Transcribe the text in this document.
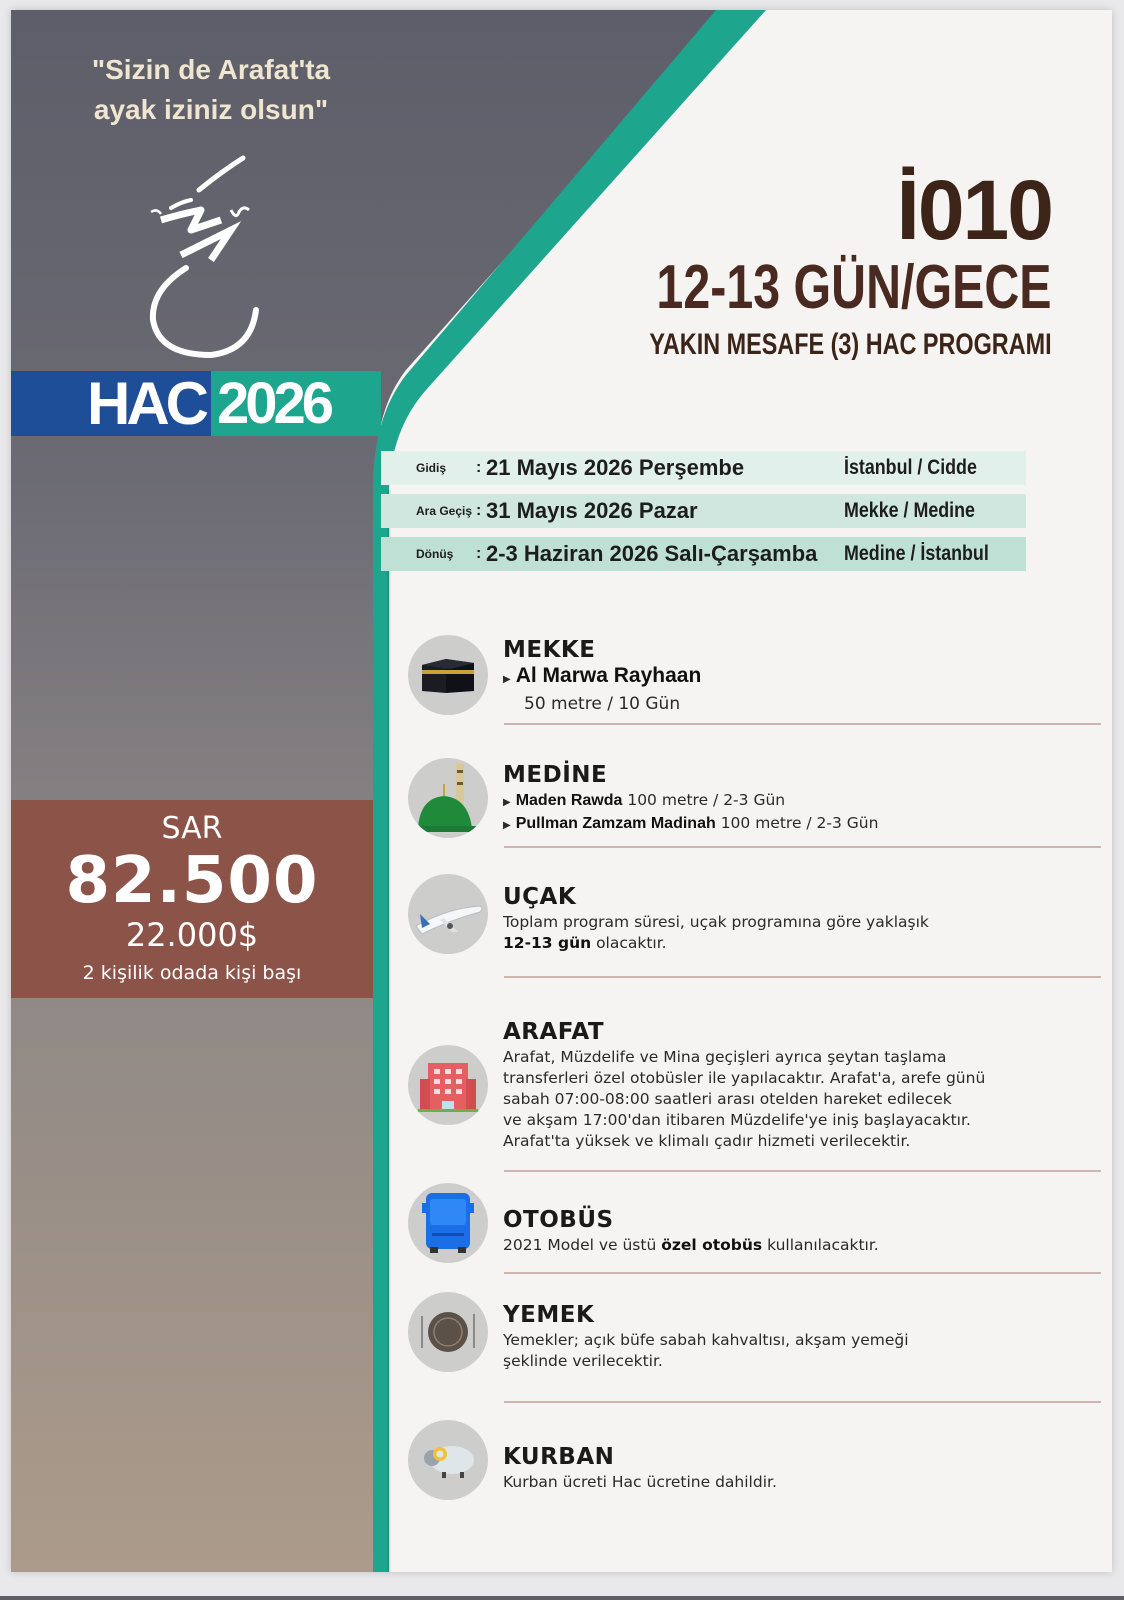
"Sizin de Arafat'ta
ayak iziniz olsun"
HAC 2026
SAR
82.500
22.000$
2 kişilik odada kişi başı
İ010
12-13 GÜN/GECE
YAKIN MESAFE (3) HAC PROGRAMI
Gidiş	: 21 Mayıs 2026 Perşembe	İstanbul / Cidde
Ara Geçiş : 31 Mayıs 2026 Pazar	Mekke / Medine
Dönüş	: 2-3 Haziran 2026 Salı-Çarşamba	Medine / İstanbul
MEKKE
▶ Al Marwa Rayhaan
50 metre / 10 Gün
MEDİNE
▶ Maden Rawda 100 metre / 2-3 Gün
▶ Pullman Zamzam Madinah 100 metre / 2-3 Gün
UÇAK
Toplam program süresi, uçak programına göre yaklaşık
12-13 gün olacaktır.
ARAFAT
Arafat, Müzdelife ve Mina geçişleri ayrıca şeytan taşlama
transferleri özel otobüsler ile yapılacaktır. Arafat'a, arefe günü
sabah 07:00-08:00 saatleri arası otelden hareket edilecek
ve akşam 17:00'dan itibaren Müzdelife'ye iniş başlayacaktır.
Arafat'ta yüksek ve klimalı çadır hizmeti verilecektir.
OTOBÜS
2021 Model ve üstü özel otobüs kullanılacaktır.
YEMEK
Yemekler; açık büfe sabah kahvaltısı, akşam yemeği
şeklinde verilecektir.
KURBAN
Kurban ücreti Hac ücretine dahildir.
